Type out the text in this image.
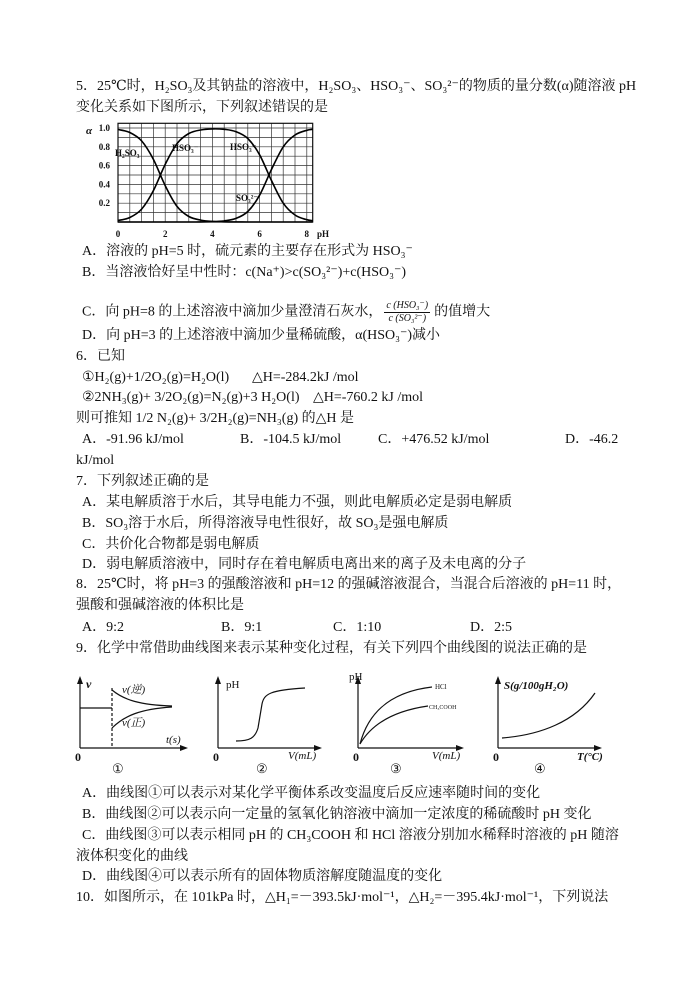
5．25℃时，H₂SO₃及其钠盐的溶液中，H₂SO₃、HSO₃⁻、SO₃²⁻的物质的量分数(α)随溶液 pH
变化关系如下图所示，下列叙述错误的是
0	2	4	6	8
0.2
0.4
0.6
0.8
1.0
α
pH
H₂SO₃	HSO₃⁻	HSO₃⁻
SO₃²⁻
A．溶液的 pH=5 时，硫元素的主要存在形式为 HSO₃⁻
B．当溶液恰好呈中性时：c(Na⁺)>c(SO₃²⁻)+c(HSO₃⁻)
C．向 pH=8 的上述溶液中滴加少量澄清石灰水， $\frac{\text{c (HSO₃⁻)}}{\text{c (SO₃²⁻)}}$ 的值增大
D．向 pH=3 的上述溶液中滴加少量稀硫酸，α(HSO₃⁻)减小
6．已知
①H₂(g)+1/2O₂(g)=H₂O(l) △H=-284.2kJ /mol
②2NH₃(g)+ 3/2O₂(g)=N₂(g)+3 H₂O(l) △H=-760.2 kJ /mol
则可推知 1/2 N₂(g)+ 3/2H₂(g)=NH₃(g) 的△H 是
A．-91.96 kJ/mol	B．-104.5 kJ/mol	C．+476.52 kJ/mol	D．-46.2
kJ/mol
7．下列叙述正确的是
A．某电解质溶于水后，其导电能力不强，则此电解质必定是弱电解质
B．SO₃溶于水后，所得溶液导电性很好，故 SO₃是强电解质
C．共价化合物都是弱电解质
D．弱电解质溶液中，同时存在着电解质电离出来的离子及未电离的分子
8．25℃时，将 pH=3 的强酸溶液和 pH=12 的强碱溶液混合，当混合后溶液的 pH=11 时，
强酸和强碱溶液的体积比是
A．9:2	B．9:1	C．1:10	D．2:5
9．化学中常借助曲线图来表示某种变化过程，有关下列四个曲线图的说法正确的是
v
t(s)
0
v(逆)
v(正)
①
pH
V(mL)
0
②
pH
V(mL)
0
HCl
CH₃COOH
③
S(g/100gH₂O)
T(°C)
0
④
A．曲线图①可以表示对某化学平衡体系改变温度后反应速率随时间的变化
B．曲线图②可以表示向一定量的氢氧化钠溶液中滴加一定浓度的稀硫酸时 pH 变化
C．曲线图③可以表示相同 pH 的 CH₃COOH 和 HCl 溶液分别加水稀释时溶液的 pH 随溶
液体积变化的曲线
D．曲线图④可以表示所有的固体物质溶解度随温度的变化
10．如图所示，在 101kPa 时，△H₁=－393.5kJ·mol⁻¹，△H₂=－395.4kJ·mol⁻¹，下列说法
